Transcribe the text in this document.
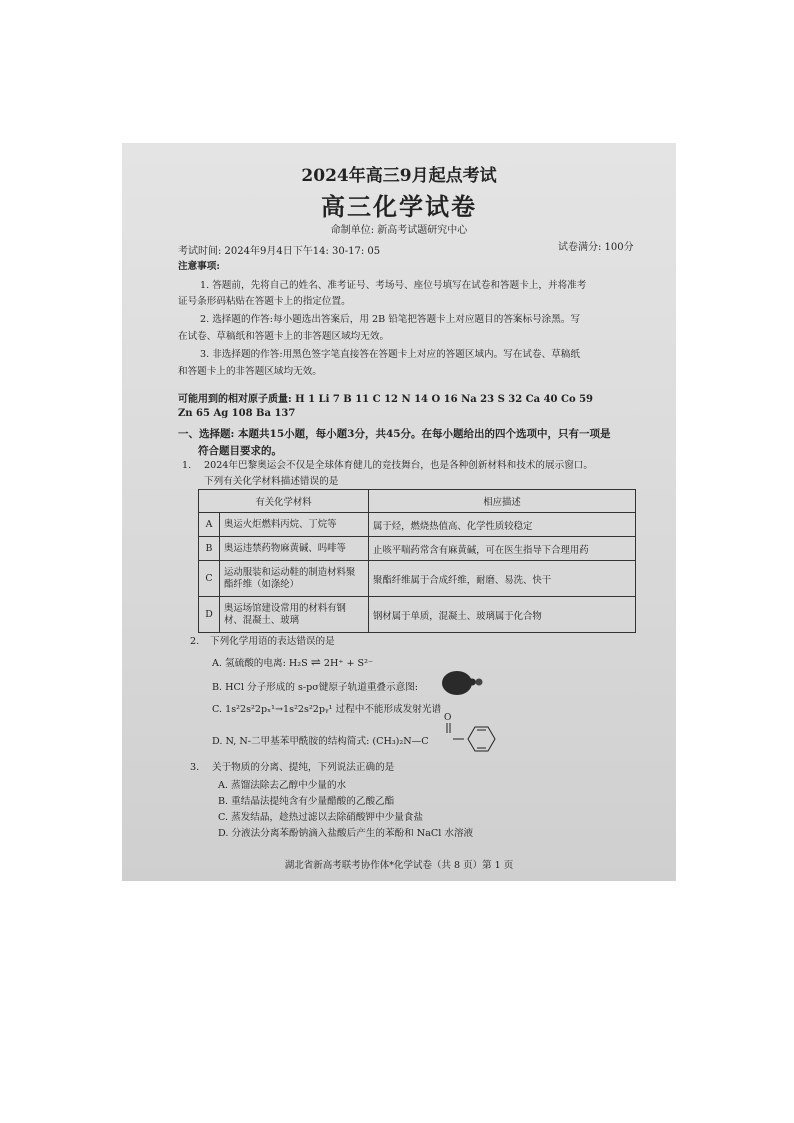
2024年高三9月起点考试
高三化学试卷
命制单位: 新高考试题研究中心
考试时间: 2024年9月4日下午14: 30-17: 05	试卷满分: 100分
注意事项:
1. 答题前，先将自己的姓名、准考证号、考场号、座位号填写在试卷和答题卡上，并将准考
证号条形码粘贴在答题卡上的指定位置。
2. 选择题的作答:每小题选出答案后，用 2B 铅笔把答题卡上对应题目的答案标号涂黑。写
在试卷、草稿纸和答题卡上的非答题区域均无效。
3. 非选择题的作答:用黑色签字笔直接答在答题卡上对应的答题区域内。写在试卷、草稿纸
和答题卡上的非答题区域均无效。
可能用到的相对原子质量: H 1 Li 7 B 11 C 12 N 14 O 16 Na 23 S 32 Ca 40 Co 59
Zn 65 Ag 108 Ba 137
一、选择题: 本题共15小题，每小题3分，共45分。在每小题给出的四个选项中，只有一项是
符合题目要求的。
1. 2024年巴黎奥运会不仅是全球体育健儿的竞技舞台，也是各种创新材料和技术的展示窗口。
下列有关化学材料描述错误的是
有关化学材料		相应描述
A	奥运火炬燃料丙烷、丁烷等	属于烃，燃烧热值高、化学性质较稳定
B	奥运违禁药物麻黄碱、吗啡等	止咳平喘药常含有麻黄碱，可在医生指导下合理用药
C	运动服装和运动鞋的制造材料聚酯纤维（如涤纶）	聚酯纤维属于合成纤维，耐磨、易洗、快干
D	奥运场馆建设常用的材料有钢材、混凝土、玻璃	钢材属于单质，混凝土、玻璃属于化合物
2. 下列化学用语的表达错误的是
A. 氢硫酸的电离: H₂S ⇌ 2H⁺ + S²⁻
B. HCl 分子形成的 s-pσ键原子轨道重叠示意图:
C. 1s²2s²2pₓ¹→1s²2s²2pᵧ¹ 过程中不能形成发射光谱
D. N, N-二甲基苯甲酰胺的结构简式: (CH₃)₂N—C
O
3. 关于物质的分离、提纯，下列说法正确的是
A. 蒸馏法除去乙醇中少量的水
B. 重结晶法提纯含有少量醋酸的乙酸乙酯
C. 蒸发结晶，趁热过滤以去除硝酸钾中少量食盐
D. 分液法分离苯酚钠滴入盐酸后产生的苯酚和 NaCl 水溶液
湖北省新高考联考协作体*化学试卷（共 8 页）第 1 页
